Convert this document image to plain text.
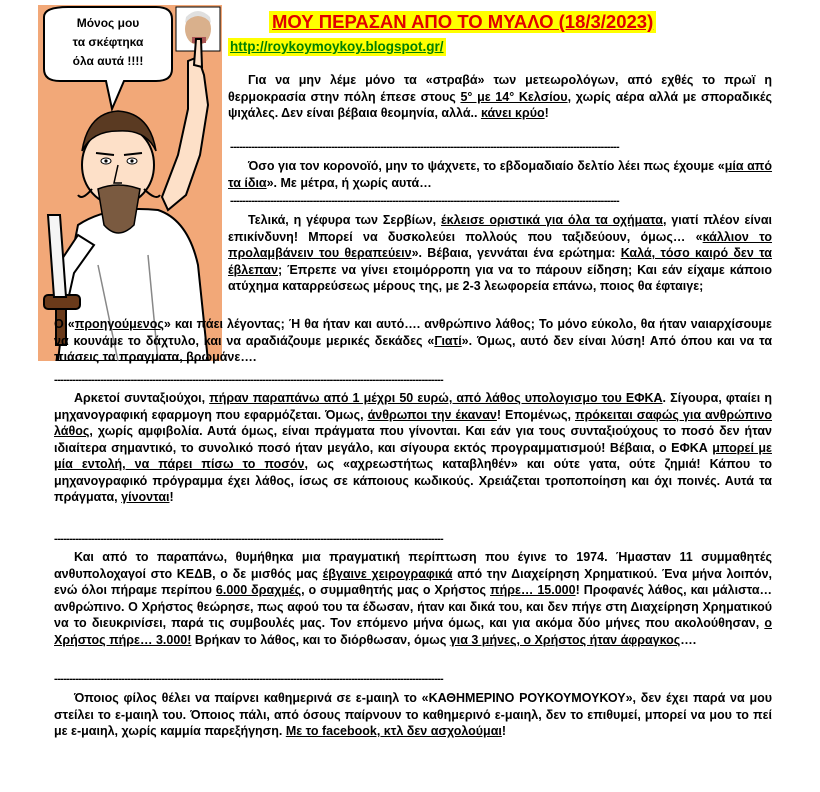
Μόνος μου
τα σκέφτηκα
όλα αυτά !!!!
ΜΟΥ ΠΕΡΑΣΑΝ ΑΠΟ ΤΟ ΜΥΑΛΟ (18/3/2023)
http://roykoymoykoy.blogspot.gr/

Για να μην λέμε μόνο τα «στραβά» των μετεωρολόγων, από εχθές το πρωϊ η θερμοκρασία στην πόλη έπεσε στους 5° με 14° Κελσίου, χωρίς αέρα αλλά με σποραδικές ψιχάλες. Δεν είναι βέβαια θεομηνία, αλλά.. κάνει κρύο!

-------------------------------------------------------------------------------------------------------------------------------

Όσο για τον κορονοϊό, μην το ψάχνετε, το εβδομαδιαίο δελτίο λέει πως έχουμε «μία από τα ίδια». Με μέτρα, ή χωρίς αυτά…

-------------------------------------------------------------------------------------------------------------------------------

Τελικά, η γέφυρα των Σερβίων, έκλεισε οριστικά για όλα τα οχήματα, γιατί πλέον είναι επικίνδυνη! Μπορεί να δυσκολεύει πολλούς που ταξιδεύουν, όμως… «κάλλιον το προλαμβάνειν του θεραπεύειν». Βέβαια, γεννάται ένα ερώτημα: Καλά, τόσο καιρό δεν τα έβλεπαν; Έπρεπε να γίνει ετοιμόρροπη για να το πάρουν είδηση; Και εάν είχαμε κάποιο ατύχημα καταρρεύσεως μέρους της, με 2-3 λεωφορεία επάνω, ποιος θα έφταιγε;

Ο «προηγούμενος» και πάει λέγοντας; Ή θα ήταν και αυτό…. ανθρώπινο λάθος; Το μόνο εύκολο, θα ήταν ναιαρχίσουμε να κουνάμε το δάχτυλο, και να αραδιάζουμε μερικές δεκάδες «Γιατί». Όμως, αυτό δεν είναι λύση! Από όπου και να τα πιάσεις τα πραγματα, βρωμάνε….

-------------------------------------------------------------------------------------------------------------------------------

Αρκετοί συνταξιούχοι, πήραν παραπάνω από 1 μέχρι 50 ευρώ, από λάθος υπολογισμο του ΕΦΚΑ. Σίγουρα, φταίει η μηχανογραφική εφαρμογη που εφαρμόζεται. Όμως, άνθρωποι την έκαναν! Επομένως, πρόκειται σαφώς για ανθρώπινο λάθος, χωρίς αμφιβολία. Αυτά όμως, είναι πράγματα που γίνονται. Και εάν για τους συνταξιούχους το ποσό δεν ήταν ιδιαίτερα σημαντικό, το συνολικό ποσό ήταν μεγάλο, και σίγουρα εκτός προγραμματισμού! Βέβαια, ο ΕΦΚΑ μπορεί με μία εντολή, να πάρει πίσω το ποσόν, ως «αχρεωστήτως καταβληθέν» και ούτε γατα, ούτε ζημιά! Κάπου το μηχανογραφικό πρόγραμμα έχει λάθος, ίσως σε κάποιους κωδικούς. Χρειάζεται τροποποίηση και όχι ποινές. Αυτά τα πράγματα, γίνονται!

-------------------------------------------------------------------------------------------------------------------------------

Και από το παραπάνω, θυμήθηκα μια πραγματική περίπτωση που έγινε το 1974. Ήμασταν 11 συμμαθητές ανθυπολοχαγοί στο ΚΕΔΒ, ο δε μισθός μας έβγαινε χειρογραφικά από την Διαχείρηση Χρηματικού. Ένα μήνα λοιπόν, ενώ όλοι πήραμε περίπου 6.000 δραχμές, ο συμμαθητής μας ο Χρήστος πήρε… 15.000! Προφανές λάθος, και μάλιστα… ανθρώπινο. Ο Χρήστος θεώρησε, πως αφού του τα έδωσαν, ήταν και δικά του, και δεν πήγε στη Διαχείρηση Χρηματικού να το διευκρινίσει, παρά τις συμβουλές μας. Τον επόμενο μήνα όμως, και για ακόμα δύο μήνες που ακολούθησαν, ο Χρήστος πήρε… 3.000! Βρήκαν το λάθος, και το διόρθωσαν, όμως για 3 μήνες, ο Χρήστος ήταν άφραγκος….

-------------------------------------------------------------------------------------------------------------------------------

Όποιος φίλος θέλει να παίρνει καθημερινά σε ε-μαιηλ το «ΚΑΘΗΜΕΡΙΝΟ ΡΟΥΚΟΥΜΟΥΚΟΥ», δεν έχει παρά να μου στείλει το ε-μαιηλ του. Όποιος πάλι, από όσους παίρνουν το καθημερινό ε-μαιηλ, δεν το επιθυμεί, μπορεί να μου το πεί με ε-μαιηλ, χωρίς καμμία παρεξήγηση. Με το facebook, κτλ δεν ασχολούμαι!
